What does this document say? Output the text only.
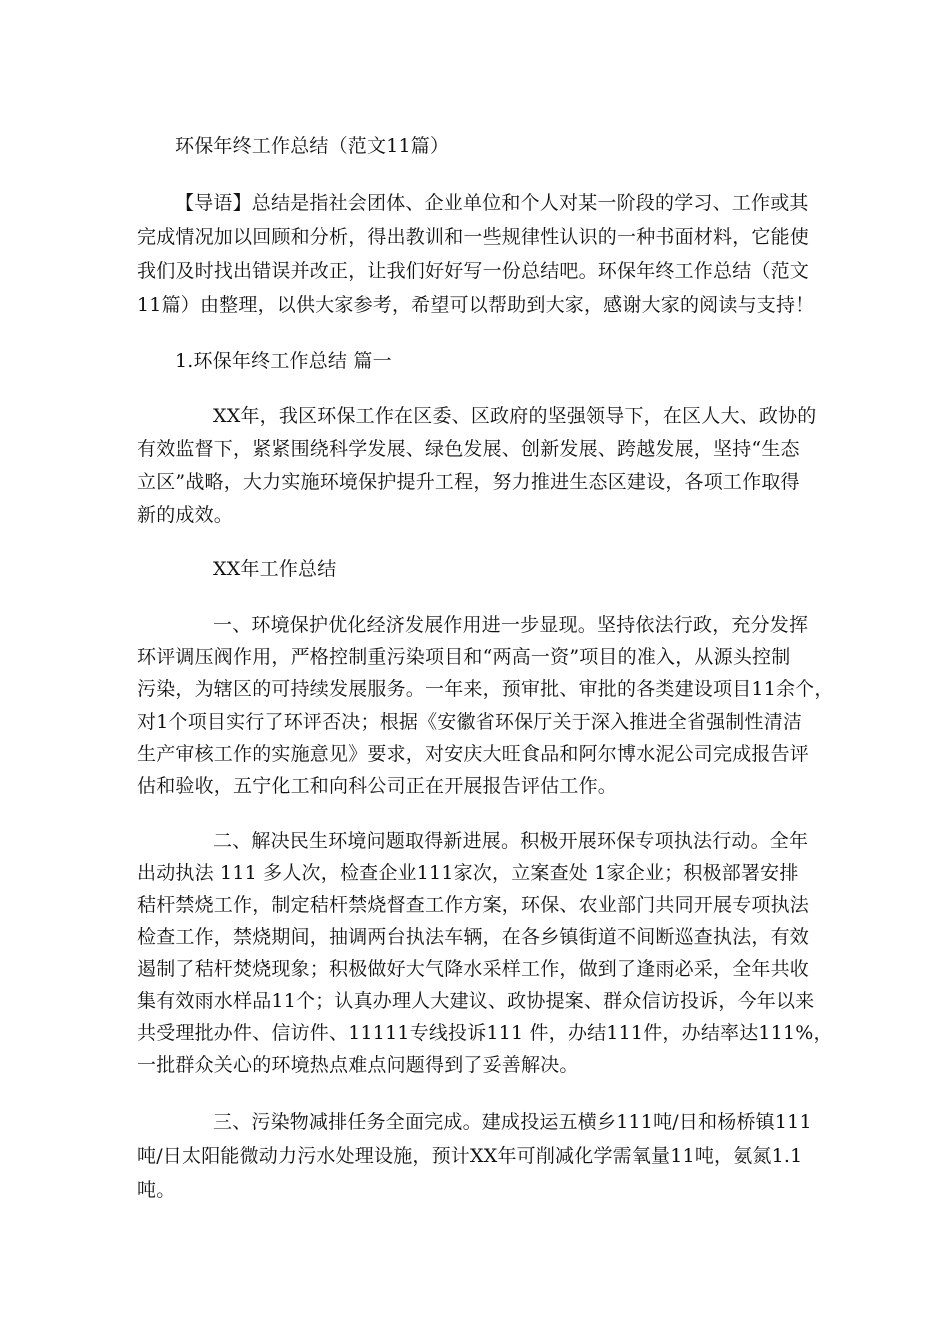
环保年终工作总结（范文11篇）
【导语】总结是指社会团体、企业单位和个人对某一阶段的学习、工作或其
完成情况加以回顾和分析，得出教训和一些规律性认识的一种书面材料，它能使
我们及时找出错误并改正，让我们好好写一份总结吧。环保年终工作总结（范文
11篇）由整理，以供大家参考，希望可以帮助到大家，感谢大家的阅读与支持！
1.环保年终工作总结 篇一
XX年，我区环保工作在区委、区政府的坚强领导下，在区人大、政协的
有效监督下，紧紧围绕科学发展、绿色发展、创新发展、跨越发展，坚持“生态
立区”战略，大力实施环境保护提升工程，努力推进生态区建设，各项工作取得
新的成效。
XX年工作总结
一、环境保护优化经济发展作用进一步显现。坚持依法行政，充分发挥
环评调压阀作用，严格控制重污染项目和“两高一资”项目的准入，从源头控制
污染，为辖区的可持续发展服务。一年来，预审批、审批的各类建设项目11余个，
对1个项目实行了环评否决；根据《安徽省环保厅关于深入推进全省强制性清洁
生产审核工作的实施意见》要求，对安庆大旺食品和阿尔博水泥公司完成报告评
估和验收，五宁化工和向科公司正在开展报告评估工作。
二、解决民生环境问题取得新进展。积极开展环保专项执法行动。全年
出动执法 111 多人次，检查企业111家次，立案查处 1家企业；积极部署安排
秸杆禁烧工作，制定秸杆禁烧督查工作方案，环保、农业部门共同开展专项执法
检查工作，禁烧期间，抽调两台执法车辆，在各乡镇街道不间断巡查执法，有效
遏制了秸杆焚烧现象；积极做好大气降水采样工作，做到了逢雨必采，全年共收
集有效雨水样品11个；认真办理人大建议、政协提案、群众信访投诉，今年以来
共受理批办件、信访件、11111专线投诉111 件，办结111件，办结率达111%，
一批群众关心的环境热点难点问题得到了妥善解决。
三、污染物减排任务全面完成。建成投运五横乡111吨/日和杨桥镇111
吨/日太阳能微动力污水处理设施，预计XX年可削减化学需氧量11吨，氨氮1.1
吨。
